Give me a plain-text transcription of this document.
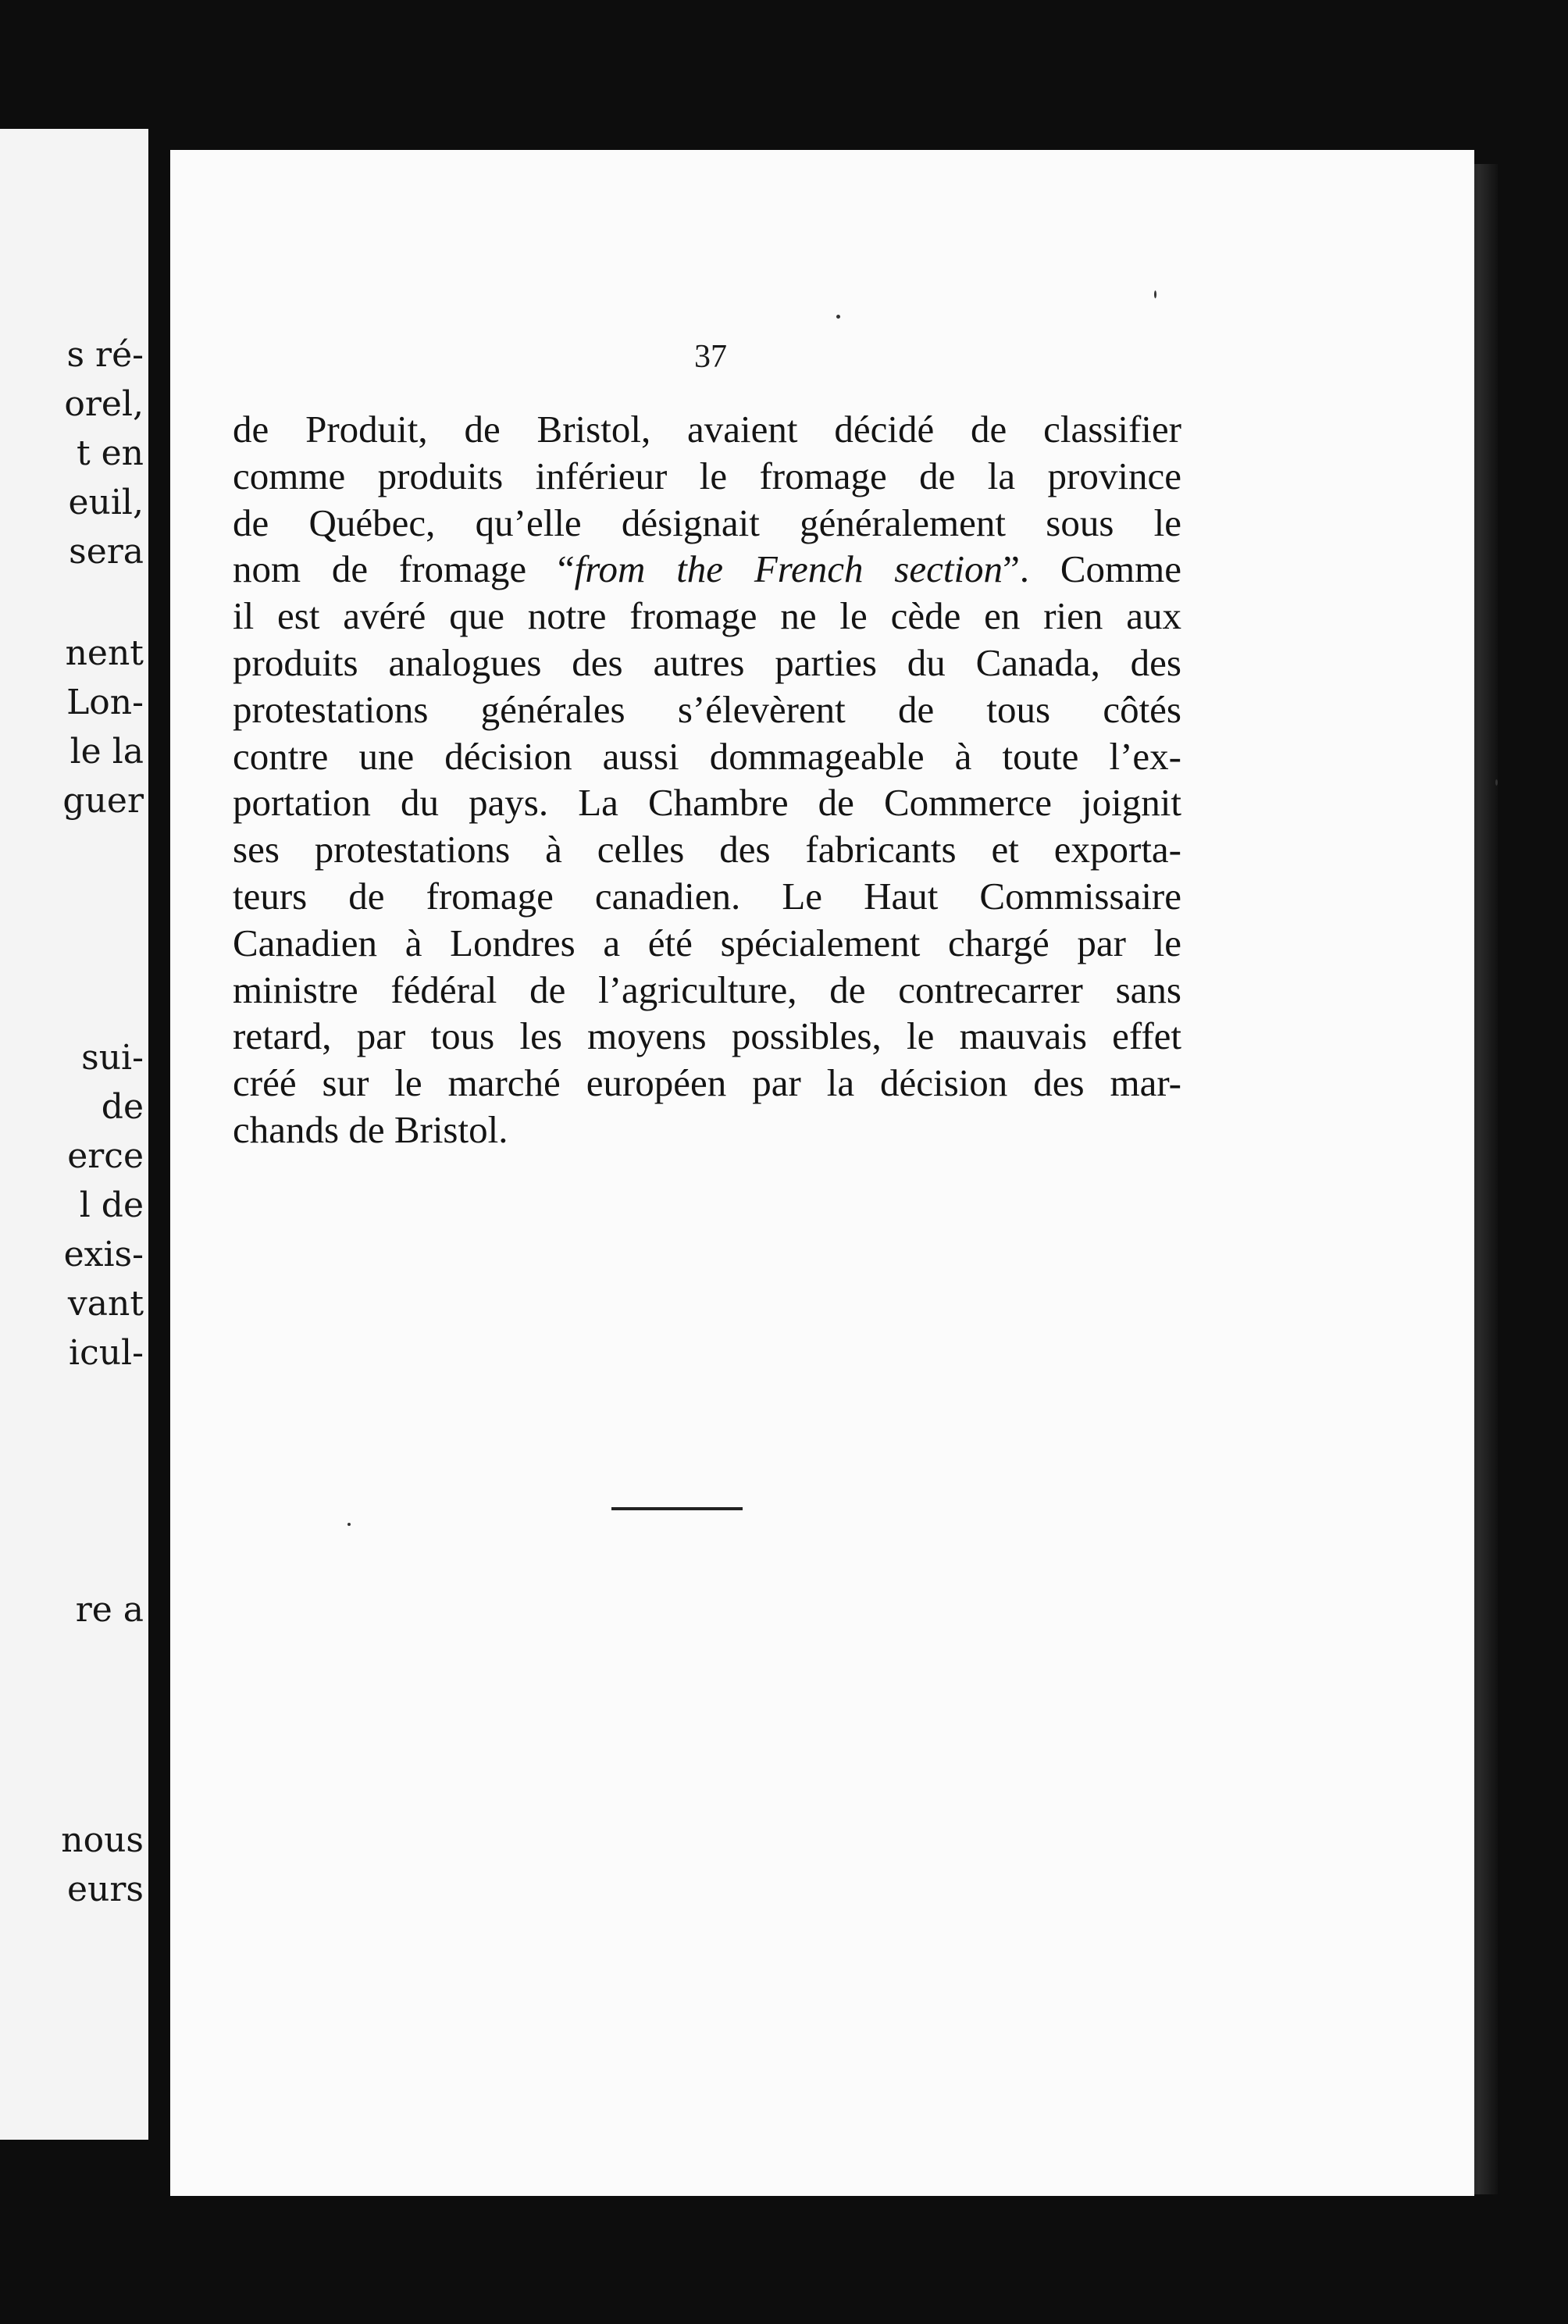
s ré-
orel,
t en
euil,
sera
nent
Lon-
le la
guer
sui-
de
erce
l de
exis-
vant
icul-
re a
nous
eurs
37
de Produit, de Bristol, avaient décidé de classifier
comme produits inférieur le fromage de la province
de Québec, qu’elle désignait généralement sous le
nom de fromage “from the French section”. Comme
il est avéré que notre fromage ne le cède en rien aux
produits analogues des autres parties du Canada, des
protestations générales s’élevèrent de tous côtés
contre une décision aussi dommageable à toute l’ex-
portation du pays. La Chambre de Commerce joignit
ses protestations à celles des fabricants et exporta-
teurs de fromage canadien. Le Haut Commissaire
Canadien à Londres a été spécialement chargé par le
ministre fédéral de l’agriculture, de contrecarrer sans
retard, par tous les moyens possibles, le mauvais effet
créé sur le marché européen par la décision des mar-
chands de Bristol.
